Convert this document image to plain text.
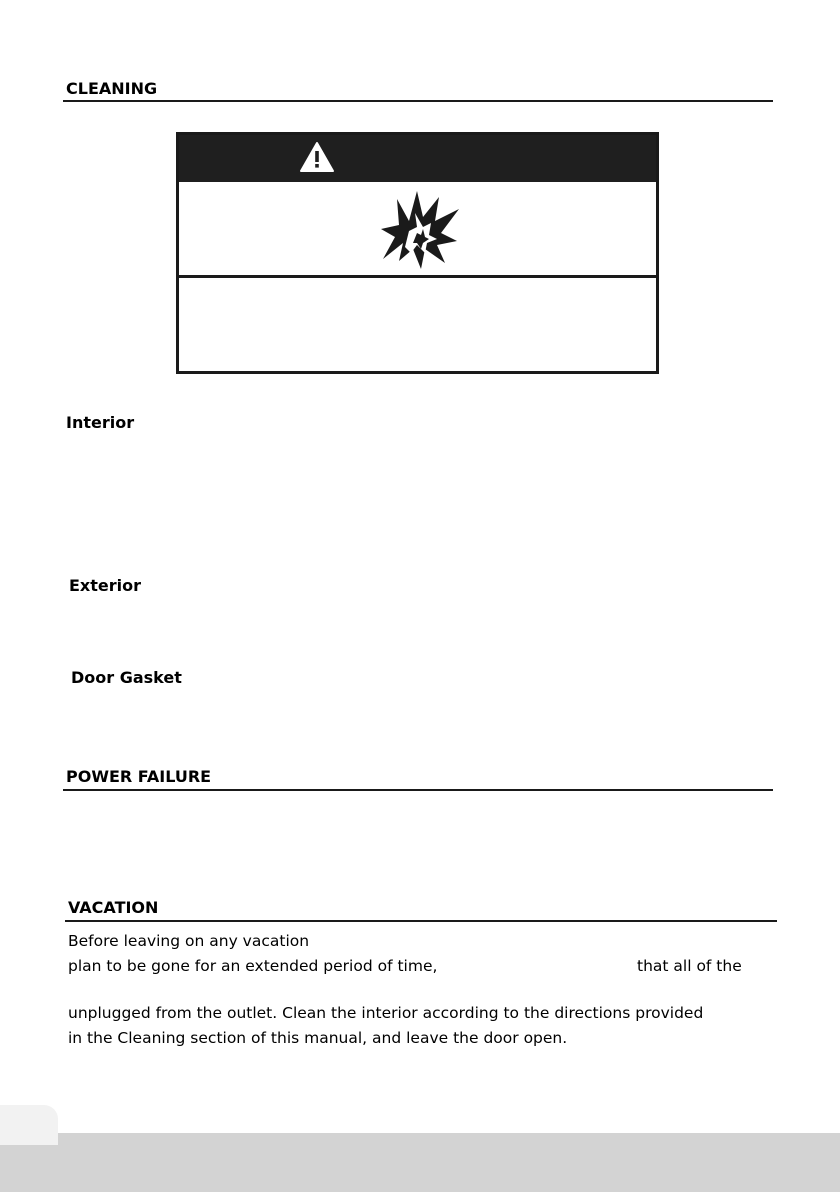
CLEANING
Interior
Exterior
Door Gasket
POWER FAILURE
VACATION
Before leaving on any vacation
plan to be gone for an extended period of time,	that all of the
unplugged from the outlet. Clean the interior according to the directions provided
in the Cleaning section of this manual, and leave the door open.
